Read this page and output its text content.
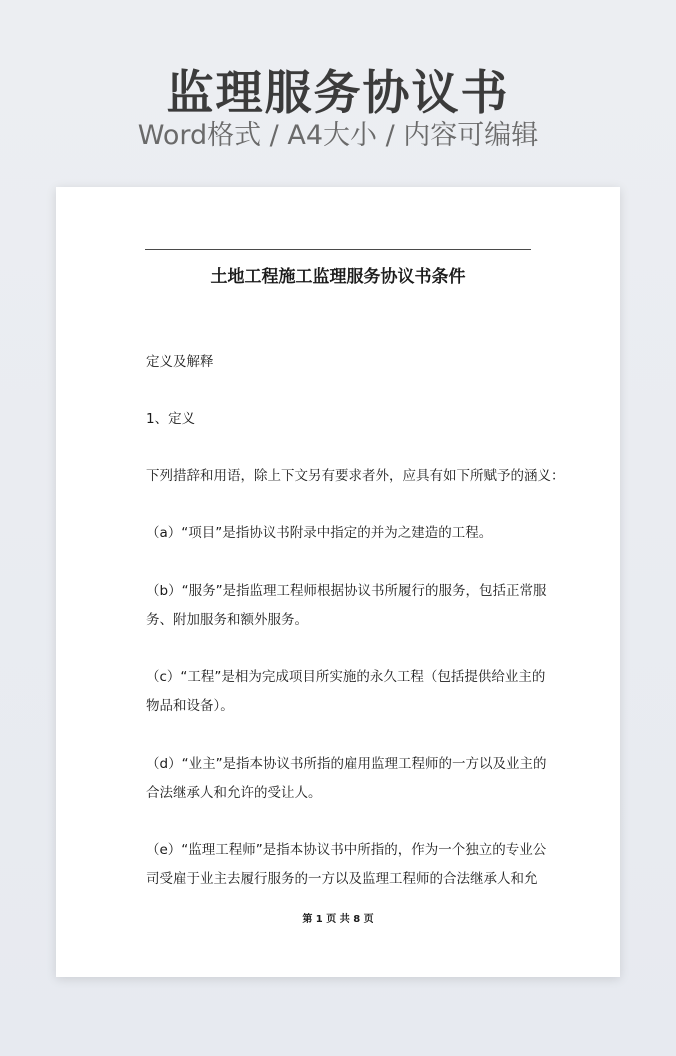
监理服务协议书
Word格式 / A4大小 / 内容可编辑
土地工程施工监理服务协议书条件
定义及解释
1、定义
下列措辞和用语，除上下文另有要求者外，应具有如下所赋予的涵义：
（a）“项目”是指协议书附录中指定的并为之建造的工程。
（b）“服务”是指监理工程师根据协议书所履行的服务，包括正常服
务、附加服务和额外服务。
（c）“工程”是相为完成项目所实施的永久工程（包括提供给业主的
物品和设备）。
（d）“业主”是指本协议书所指的雇用监理工程师的一方以及业主的
合法继承人和允许的受让人。
（e）“监理工程师”是指本协议书中所指的，作为一个独立的专业公
司受雇于业主去履行服务的一方以及监理工程师的合法继承人和允
第 1 页 共 8 页
